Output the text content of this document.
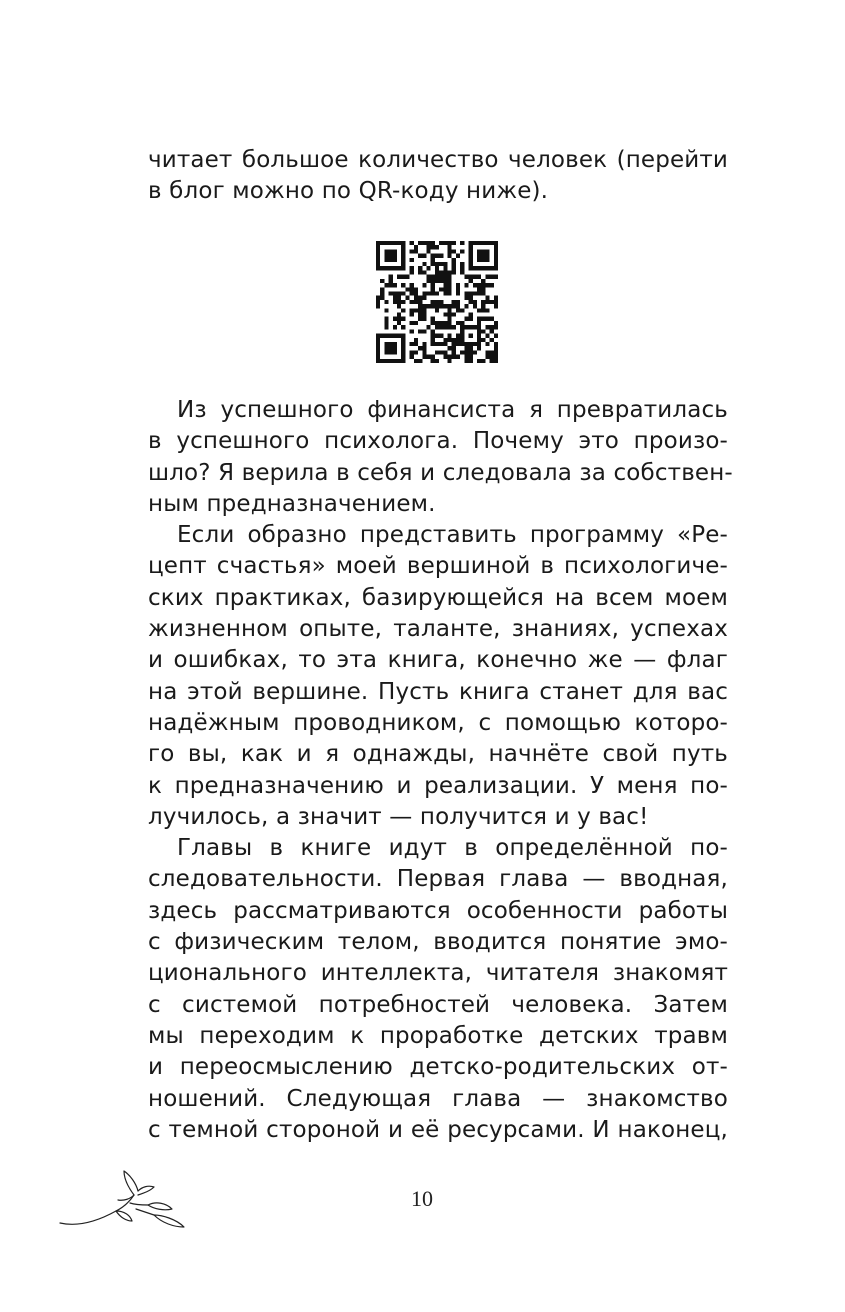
читает большое количество человек (перейти
в блог можно по QR-коду ниже).
Из успешного финансиста я превратилась
в успешного психолога. Почему это произо-
шло? Я верила в себя и следовала за собствен-
ным предназначением.
Если образно представить программу «Ре-
цепт счастья» моей вершиной в психологиче-
ских практиках, базирующейся на всем моем
жизненном опыте, таланте, знаниях, успехах
и ошибках, то эта книга, конечно же — флаг
на этой вершине. Пусть книга станет для вас
надёжным проводником, с помощью которо-
го вы, как и я однажды, начнёте свой путь
к предназначению и реализации. У меня по-
лучилось, а значит — получится и у вас!
Главы в книге идут в определённой по-
следовательности. Первая глава — вводная,
здесь рассматриваются особенности работы
с физическим телом, вводится понятие эмо-
ционального интеллекта, читателя знакомят
с системой потребностей человека. Затем
мы переходим к проработке детских травм
и переосмыслению детско-родительских от-
ношений. Следующая глава — знакомство
с темной стороной и её ресурсами. И наконец,
10
